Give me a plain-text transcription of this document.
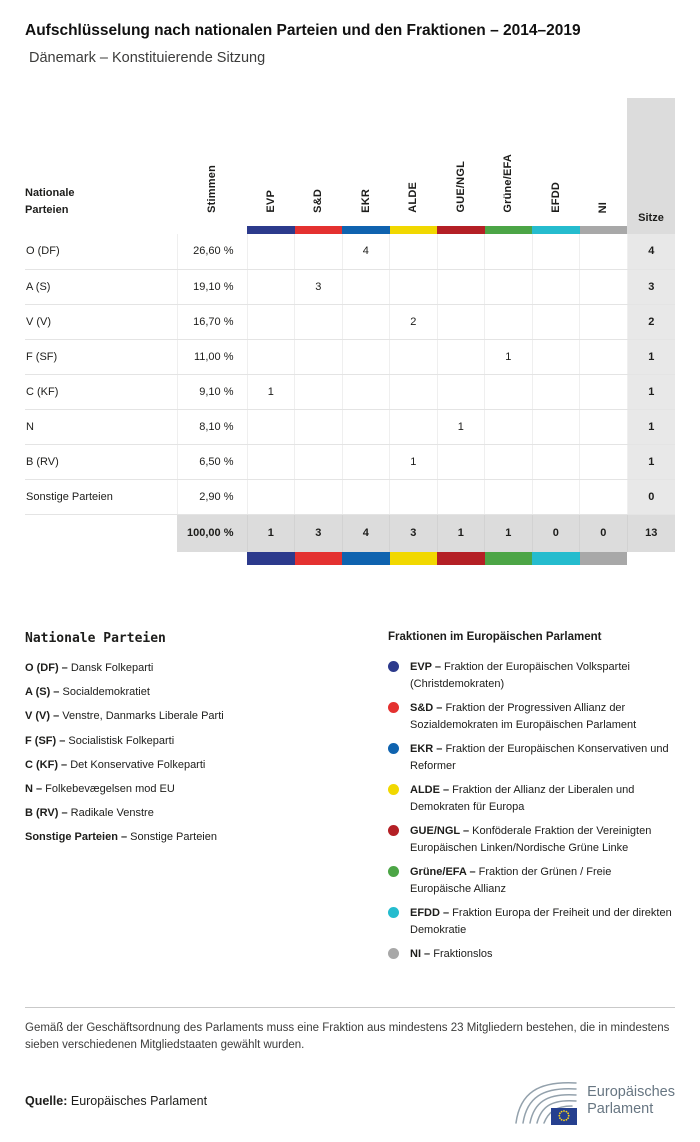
Aufschlüsselung nach nationalen Parteien und den Fraktionen – 2014–2019
Dänemark – Konstituierende Sitzung
Nationale Parteien	Stimmen	EVP	S&D	EKR	ALDE	GUE/NGL	Grüne/EFA	EFDD	NI	Sitze

O (DF)	26,60 %			4						4
A (S)	19,10 %		3							3
V (V)	16,70 %				2					2
F (SF)	11,00 %						1			1
C (KF)	9,10 %	1								1
N	8,10 %					1				1
B (RV)	6,50 %				1					1
Sonstige Parteien	2,90 %									0
	100,00 %	1	3	4	3	1	1	0	0	13

Nationale Parteien
O (DF) – Dansk Folkeparti
A (S) – Socialdemokratiet
V (V) – Venstre, Danmarks Liberale Parti
F (SF) – Socialistisk Folkeparti
C (KF) – Det Konservative Folkeparti
N – Folkebevægelsen mod EU
B (RV) – Radikale Venstre
Sonstige Parteien – Sonstige Parteien
Fraktionen im Europäischen Parlament
EVP – Fraktion der Europäischen Volkspartei (Christdemokraten)
S&D – Fraktion der Progressiven Allianz der Sozialdemokraten im Europäischen Parlament
EKR – Fraktion der Europäischen Konservativen und Reformer
ALDE – Fraktion der Allianz der Liberalen und Demokraten für Europa
GUE/NGL – Konföderale Fraktion der Vereinigten Europäischen Linken/Nordische Grüne Linke
Grüne/EFA – Fraktion der Grünen / Freie Europäische Allianz
EFDD – Fraktion Europa der Freiheit und der direkten Demokratie
NI – Fraktionslos
Gemäß der Geschäftsordnung des Parlaments muss eine Fraktion aus mindestens 23 Mitgliedern bestehen, die in mindestens sieben verschiedenen Mitgliedstaaten gewählt wurden.
Quelle: Europäisches Parlament
Europäisches
Parlament
